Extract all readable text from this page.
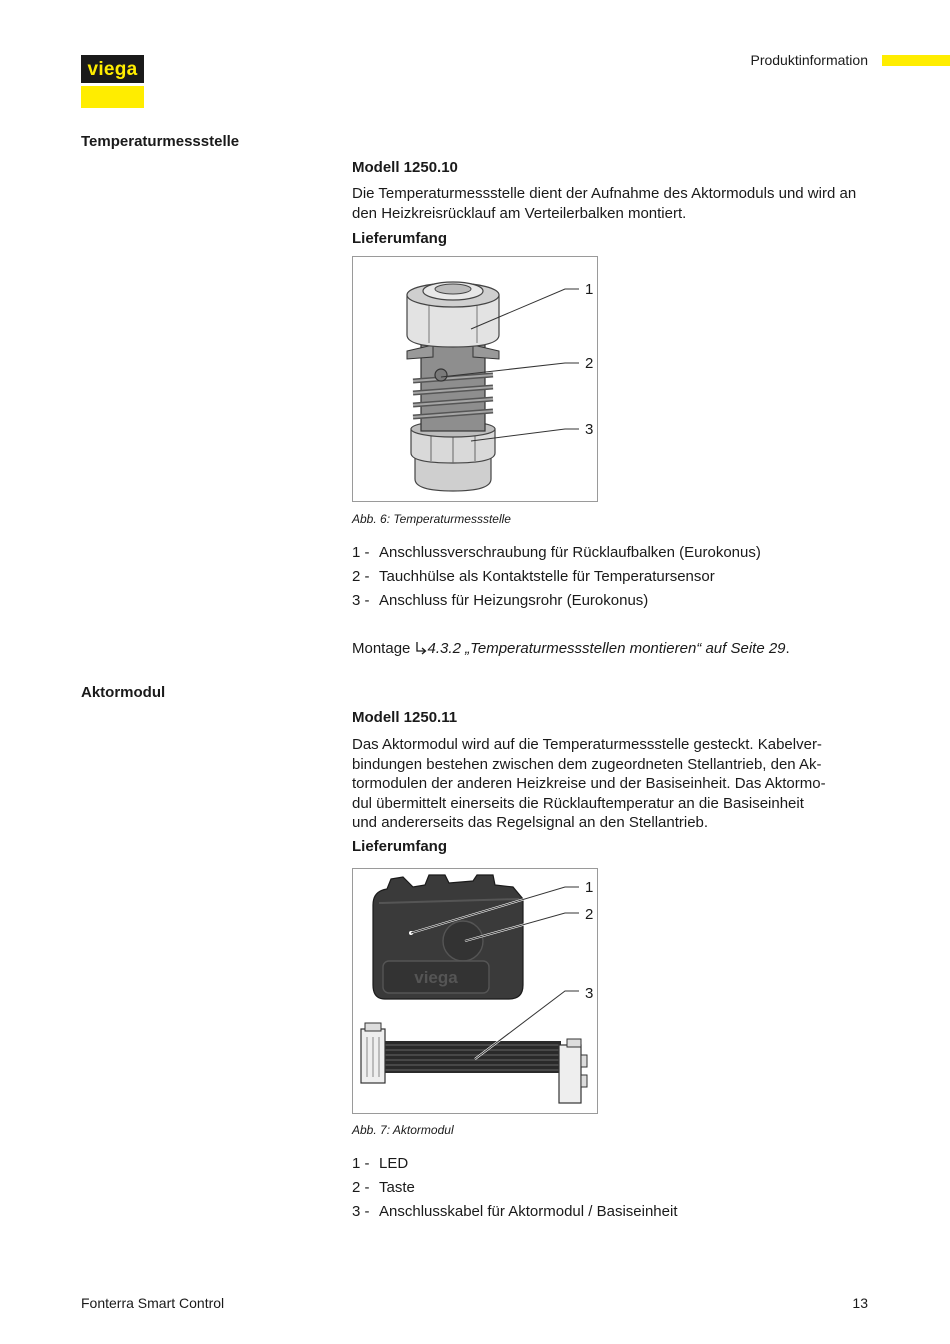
viega	Produktinformation
Temperaturmessstelle
Modell 1250.10
Die Temperaturmessstelle dient der Aufnahme des Aktormoduls und wird an den Heizkreisrücklauf am Verteilerbalken montiert.
Lieferumfang
1
2
3
Abb. 6: Temperaturmessstelle
1 - Anschlussverschraubung für Rücklaufbalken (Eurokonus)
2 - Tauchhülse als Kontaktstelle für Temperatursensor
3 - Anschluss für Heizungsrohr (Eurokonus)
Montage 4.3.2 „Temperaturmessstellen montieren“ auf Seite 29.
Aktormodul
Modell 1250.11
Das Aktormodul wird auf die Temperaturmessstelle gesteckt. Kabelver-
bindungen bestehen zwischen dem zugeordneten Stellantrieb, den Ak-
tormodulen der anderen Heizkreise und der Basiseinheit. Das Aktormo-
dul übermittelt einerseits die Rücklauftemperatur an die Basiseinheit
und andererseits das Regelsignal an den Stellantrieb.
Lieferumfang
viega
1
2
3
Abb. 7: Aktormodul
1 - LED
2 - Taste
3 - Anschlusskabel für Aktormodul / Basiseinheit
Fonterra Smart Control	13
